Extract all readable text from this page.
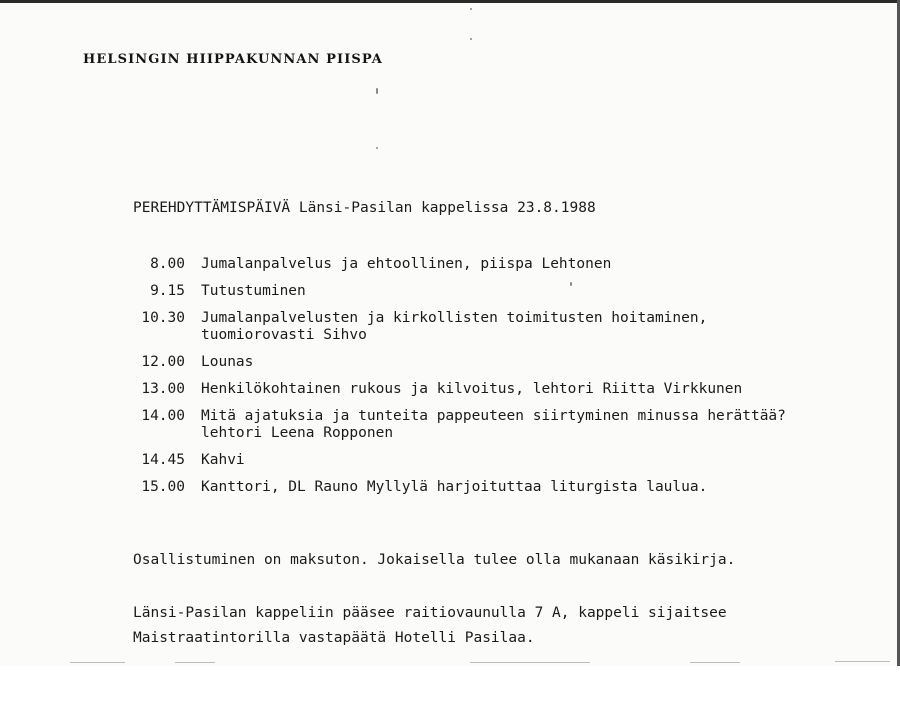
HELSINGIN HIIPPAKUNNAN PIISPA
PEREHDYTTÄMISPÄIVÄ Länsi-Pasilan kappelissa 23.8.1988
8.00 Jumalanpalvelus ja ehtoollinen, piispa Lehtonen
9.15 Tutustuminen
10.30 Jumalanpalvelusten ja kirkollisten toimitusten hoitaminen,
tuomiorovasti Sihvo
12.00 Lounas
13.00 Henkilökohtainen rukous ja kilvoitus, lehtori Riitta Virkkunen
14.00 Mitä ajatuksia ja tunteita pappeuteen siirtyminen minussa herättää?
lehtori Leena Ropponen
14.45 Kahvi
15.00 Kanttori, DL Rauno Myllylä harjoituttaa liturgista laulua.
Osallistuminen on maksuton. Jokaisella tulee olla mukanaan käsikirja.
Länsi-Pasilan kappeliin pääsee raitiovaunulla 7 A, kappeli sijaitsee
Maistraatintorilla vastapäätä Hotelli Pasilaa.
